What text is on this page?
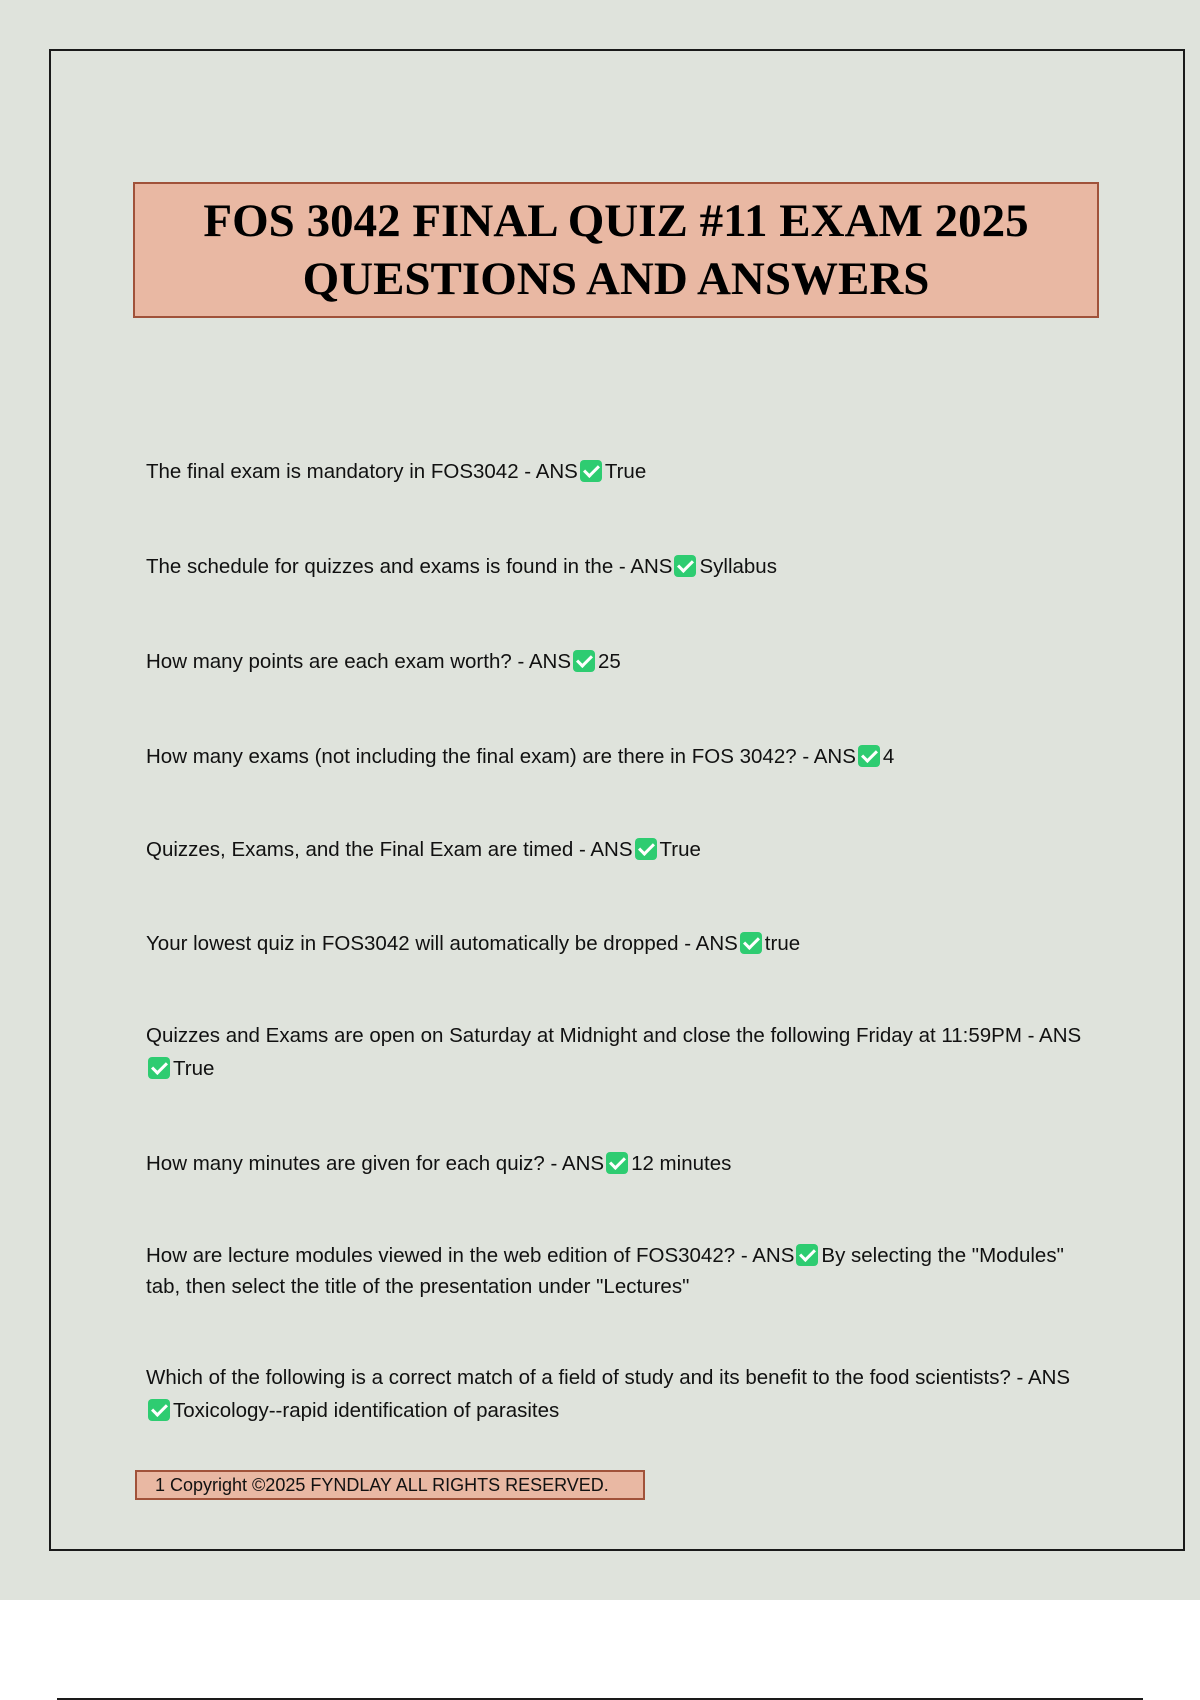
FOS 3042 FINAL QUIZ #11 EXAM 2025
QUESTIONS AND ANSWERS
The final exam is mandatory in FOS3042 - ANS True
The schedule for quizzes and exams is found in the - ANS Syllabus
How many points are each exam worth? - ANS 25
How many exams (not including the final exam) are there in FOS 3042? - ANS 4
Quizzes, Exams, and the Final Exam are timed - ANS True
Your lowest quiz in FOS3042 will automatically be dropped - ANS true
Quizzes and Exams are open on Saturday at Midnight and close the following Friday at 11:59PM - ANSTrue
How many minutes are given for each quiz? - ANS 12 minutes
How are lecture modules viewed in the web edition of FOS3042? - ANS By selecting the "Modules" tab, then select the title of the presentation under "Lectures"
Which of the following is a correct match of a field of study and its benefit to the food scientists? - ANSToxicology--rapid identification of parasites
1 Copyright ©2025 FYNDLAY ALL RIGHTS RESERVED.
